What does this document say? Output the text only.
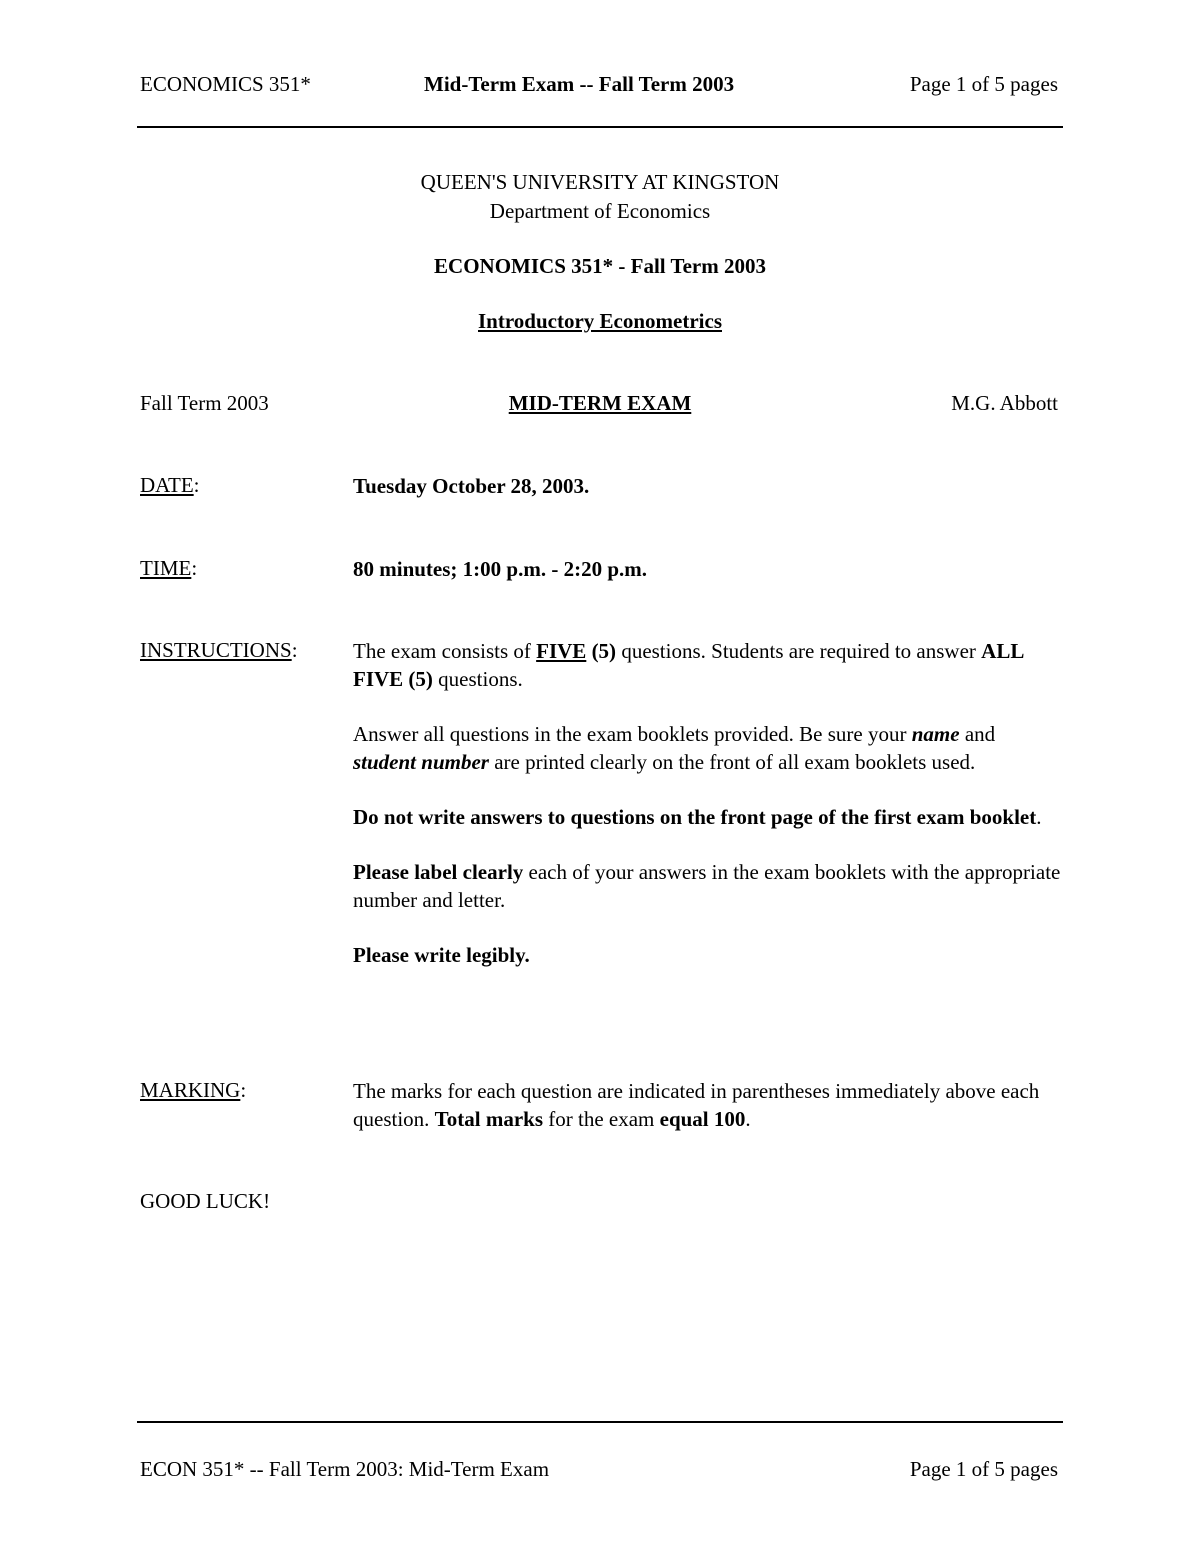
ECONOMICS 351*	Mid-Term Exam -- Fall Term 2003	Page 1 of 5 pages
QUEEN'S UNIVERSITY AT KINGSTON
Department of Economics
ECONOMICS 351* - Fall Term 2003
Introductory Econometrics
Fall Term 2003	MID-TERM EXAM	M.G. Abbott
DATE:	Tuesday October 28, 2003.
TIME:	80 minutes; 1:00 p.m. - 2:20 p.m.
INSTRUCTIONS:	The exam consists of FIVE (5) questions. Students are required to answer ALL FIVE (5) questions.

Answer all questions in the exam booklets provided. Be sure your name and student number are printed clearly on the front of all exam booklets used.

Do not write answers to questions on the front page of the first exam booklet.

Please label clearly each of your answers in the exam booklets with the appropriate number and letter.

Please write legibly.

MARKING:	The marks for each question are indicated in parentheses immediately above each question. Total marks for the exam equal 100.
GOOD LUCK!
ECON 351* -- Fall Term 2003: Mid-Term Exam	Page 1 of 5 pages
